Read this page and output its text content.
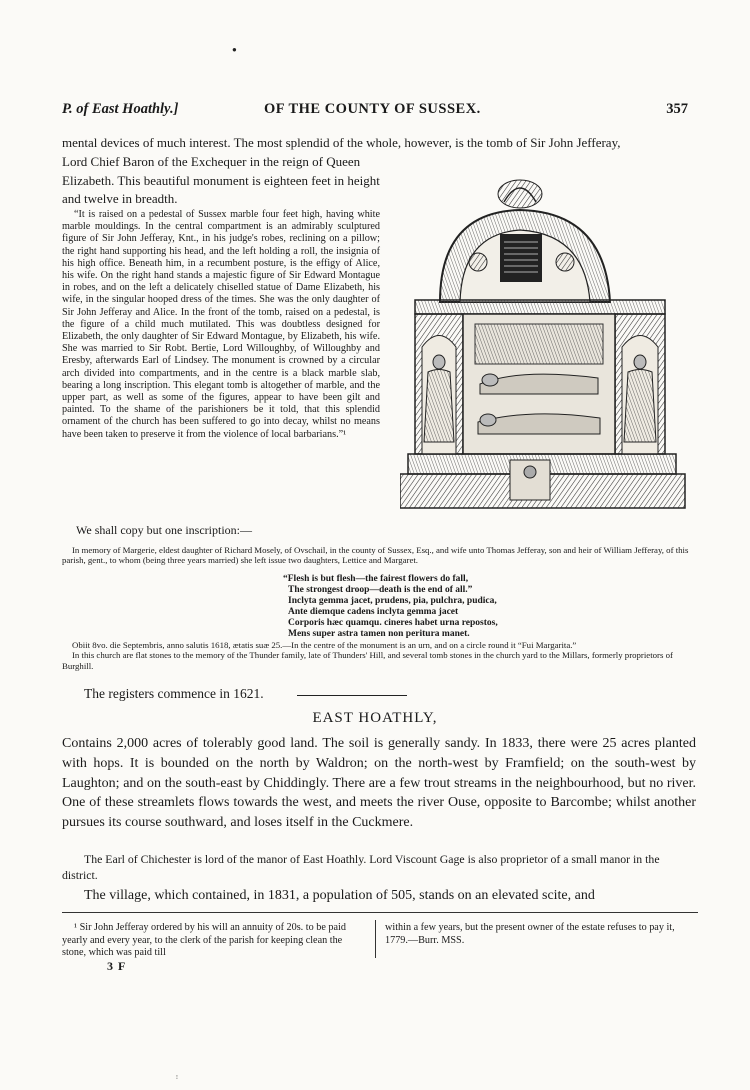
●
P. of East Hoathly.]	OF THE COUNTY OF SUSSEX.	357

mental devices of much interest. The most splendid of the whole, however, is the tomb of Sir John Jefferay,

Lord Chief Baron of the Exchequer in the reign of Queen Elizabeth. This beautiful monument is eighteen feet in height and twelve in breadth.

“It is raised on a pedestal of Sussex marble four feet high, having white marble mouldings. In the central compartment is an admirably sculptured figure of Sir John Jefferay, Knt., in his judge's robes, reclining on a pillow; the right hand supporting his head, and the left holding a roll, the insignia of his high office. Beneath him, in a recumbent posture, is the effigy of Alice, his wife. On the right hand stands a majestic figure of Sir Edward Montague in robes, and on the left a delicately chiselled statue of Dame Elizabeth, his wife, in the singular hooped dress of the times. She was the only daughter of Sir John Jefferay and Alice. In the front of the tomb, raised on a pedestal, is the figure of a child much mutilated. This was doubtless designed for Elizabeth, the only daughter of Sir Edward Montague, by Elizabeth, his wife. She was married to Sir Robt. Bertie, Lord Willoughby, of Willoughby and Eresby, afterwards Earl of Lindsey. The monument is crowned by a circular arch divided into compartments, and in the centre is a black marble slab, bearing a long inscription. This elegant tomb is altogether of marble, and the upper part, as well as some of the figures, appear to have been gilt and painted. To the shame of the parishioners be it told, that this splendid ornament of the church has been suffered to go into decay, whilst no means have been taken to preserve it from the violence of local barbarians.”¹

We shall copy but one inscription:—

In memory of Margerie, eldest daughter of Richard Mosely, of Ovschail, in the county of Sussex, Esq., and wife unto Thomas Jefferay, son and heir of William Jefferay, of this parish, gent., to whom (being three years married) she left issue two daughters, Lettice and Margaret.

“Flesh is but flesh—the fairest flowers do fall,
The strongest droop—death is the end of all.”
Inclyta gemma jacet, prudens, pia, pulchra, pudica,
Ante diemque cadens inclyta gemma jacet
Corporis hæc quamqu. cineres habet urna repostos,
Mens super astra tamen non peritura manet.
Obiit 8vo. die Septembris, anno salutis 1618, ætatis suæ 25.—In the centre of the monument is an urn, and on a circle round it “Fui Margarita.”
In this church are flat stones to the memory of the Thunder family, late of Thunders' Hill, and several tomb stones in the church yard to the Millars, formerly proprietors of Burghill.

The registers commence in 1621.

EAST HOATHLY,

Contains 2,000 acres of tolerably good land. The soil is generally sandy. In 1833, there were 25 acres planted with hops. It is bounded on the north by Waldron; on the north-west by Framfield; on the south-west by Laughton; and on the south-east by Chiddingly. There are a few trout streams in the neighbourhood, but no river. One of these streamlets flows towards the west, and meets the river Ouse, opposite to Barcombe; whilst another pursues its course southward, and loses itself in the Cuckmere.

The Earl of Chichester is lord of the manor of East Hoathly. Lord Viscount Gage is also proprietor of a small manor in the district.

The village, which contained, in 1831, a population of 505, stands on an elevated scite, and

¹ Sir John Jefferay ordered by his will an annuity of 20s. to be paid yearly and every year, to the clerk of the parish for keeping clean the stone, which was paid till

within a few years, but the present owner of the estate refuses to pay it, 1779.—Burr. MSS.

3 F

⁝
